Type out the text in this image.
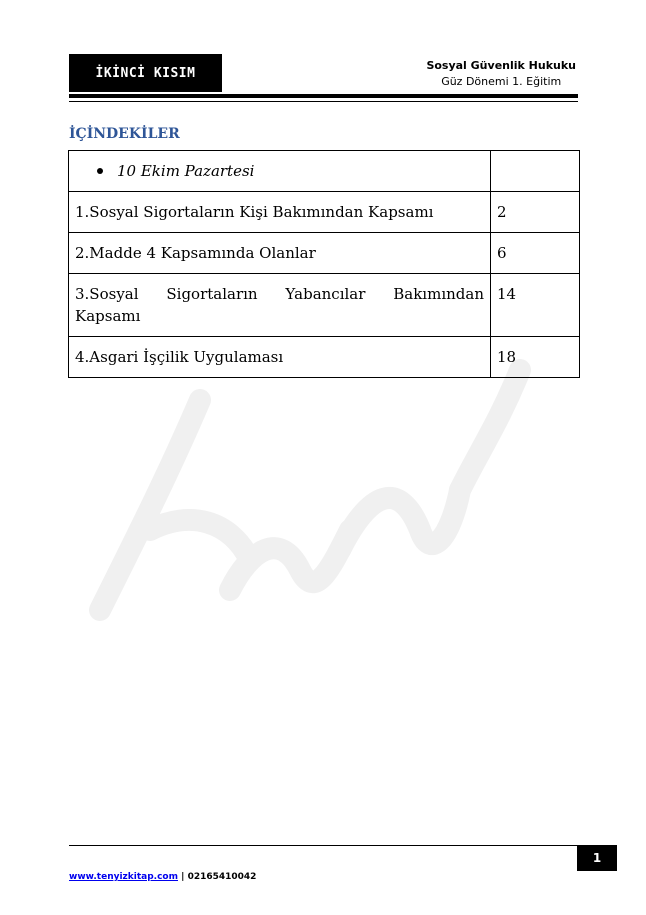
İKİNCİ KISIM	Sosyal Güvenlik Hukuku
Güz Dönemi 1. Eğitim
İÇİNDEKİLER
10 Ekim Pazartesi	
1.Sosyal Sigortaların Kişi Bakımından Kapsamı	2
2.Madde 4 Kapsamında Olanlar	6
3.Sosyal Sigortaların Yabancılar Bakımından Kapsamı	14
4.Asgari İşçilik Uygulaması	18
1
www.tenyizkitap.com | 02165410042
